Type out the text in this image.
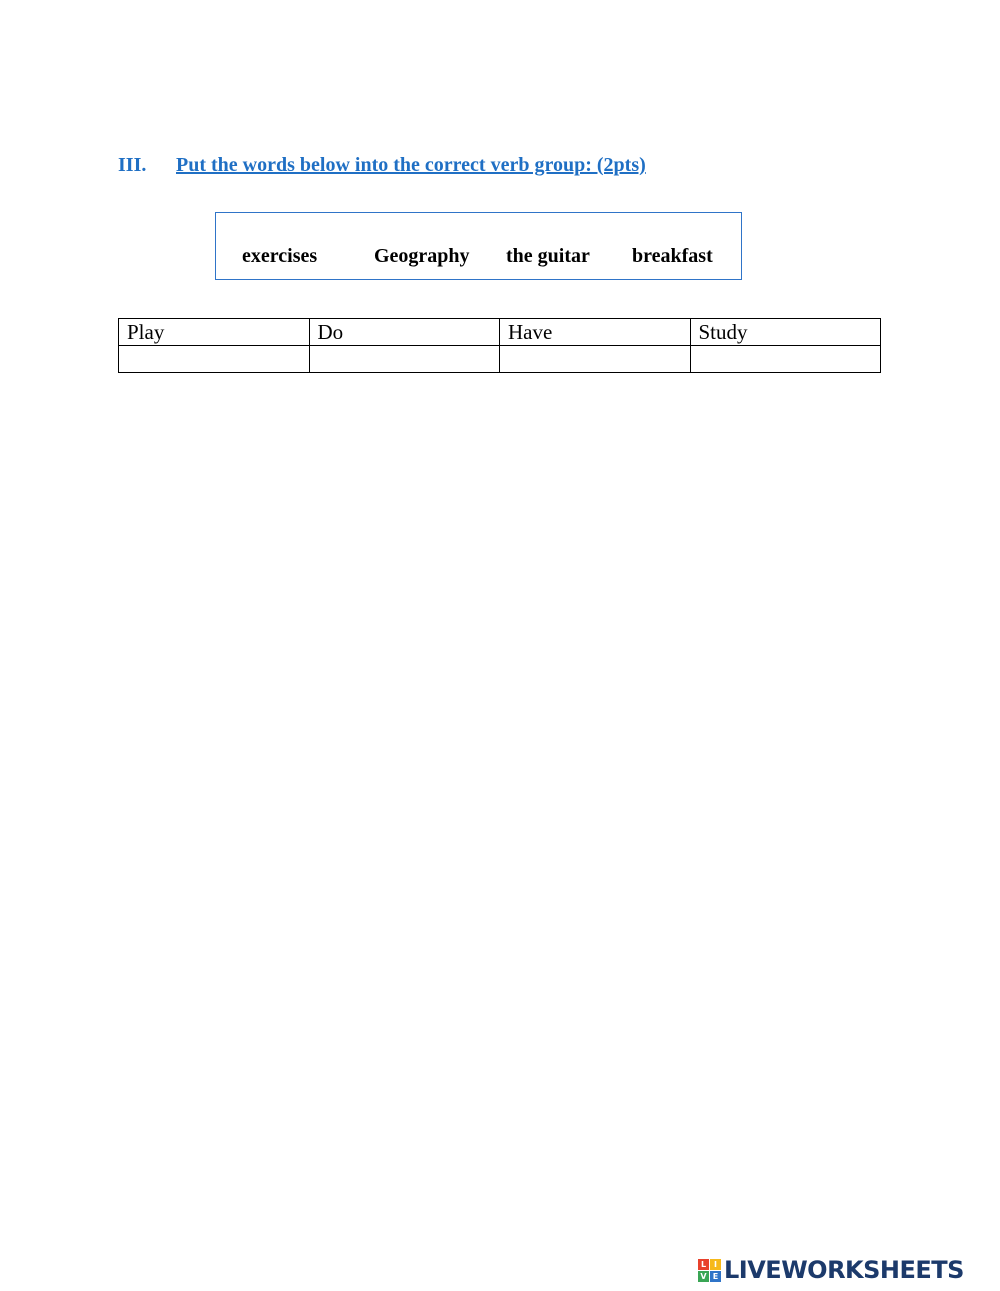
III. Put the words below into the correct verb group: (2pts)
exercises	Geography the guitar breakfast
Play	Do	Have	Study

L I
V E LIVEWORKSHEETS
